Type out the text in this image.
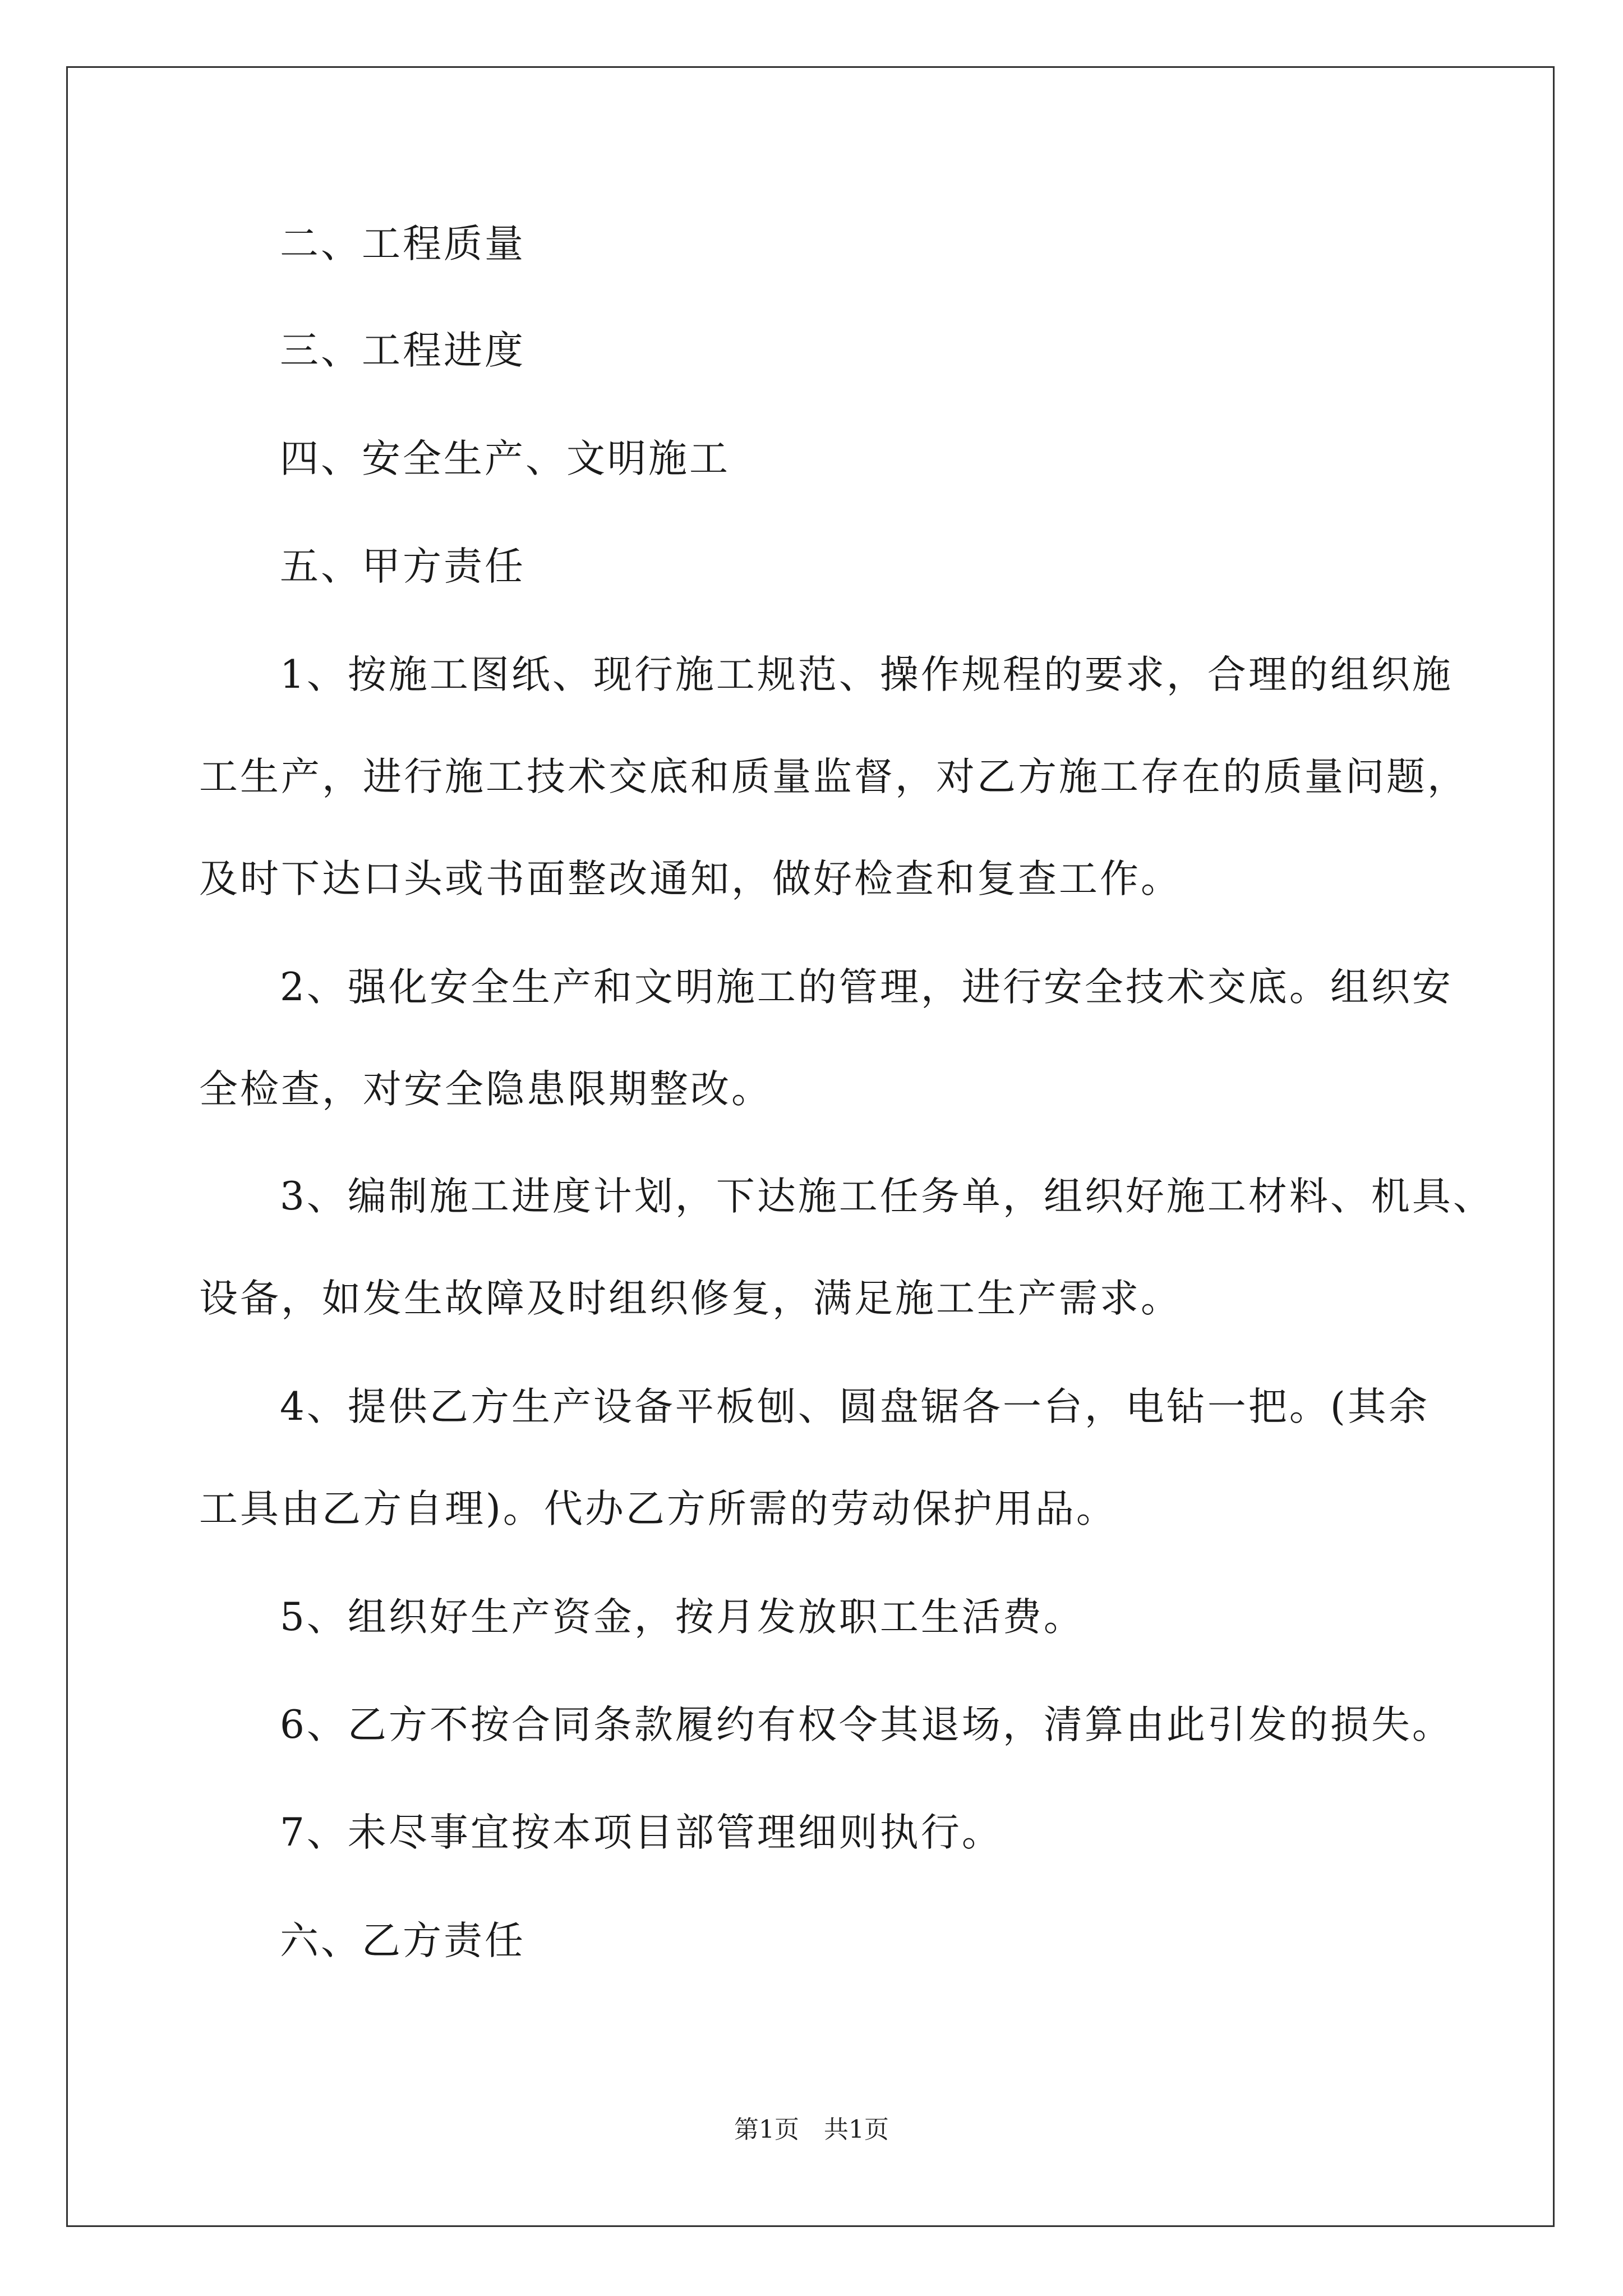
二、工程质量

三、工程进度

四、安全生产、文明施工

五、甲方责任

1、按施工图纸、现行施工规范、操作规程的要求，合理的组织施

工生产，进行施工技术交底和质量监督，对乙方施工存在的质量问题，

及时下达口头或书面整改通知，做好检查和复查工作。

2、强化安全生产和文明施工的管理，进行安全技术交底。组织安

全检查，对安全隐患限期整改。

3、编制施工进度计划，下达施工任务单，组织好施工材料、机具、

设备，如发生故障及时组织修复，满足施工生产需求。

4、提供乙方生产设备平板刨、圆盘锯各一台，电钻一把。(其余

工具由乙方自理)。代办乙方所需的劳动保护用品。

5、组织好生产资金，按月发放职工生活费。

6、乙方不按合同条款履约有权令其退场，清算由此引发的损失。

7、未尽事宜按本项目部管理细则执行。

六、乙方责任

第1页　共1页
